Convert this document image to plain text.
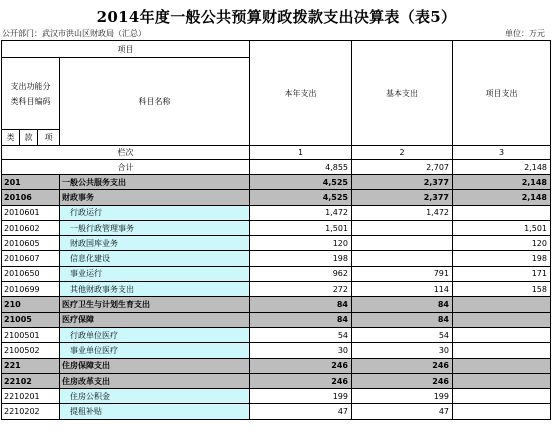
2014年度一般公共预算财政拨款支出决算表（表5）
公开部门：武汉市洪山区财政局（汇总）	单位：万元
项目				本年支出	基本支出	项目支出
支出功能分
类科目编码			科目名称			
类	款	项				

栏次				1	2	3
合计				4,855	2,707	2,148
201			一般公共服务支出	4,525	2,377	2,148
20106			财政事务	4,525	2,377	2,148
2010601			行政运行	1,472	1,472	
2010602			一般行政管理事务	1,501		1,501
2010605			财政国库业务	120		120
2010607			信息化建设	198		198
2010650			事业运行	962	791	171
2010699			其他财政事务支出	272	114	158
210			医疗卫生与计划生育支出	84	84	
21005			医疗保障	84	84	
2100501			行政单位医疗	54	54	
2100502			事业单位医疗	30	30	
221			住房保障支出	246	246	
22102			住房改革支出	246	246	
2210201			住房公积金	199	199	
2210202			提租补贴	47	47	
